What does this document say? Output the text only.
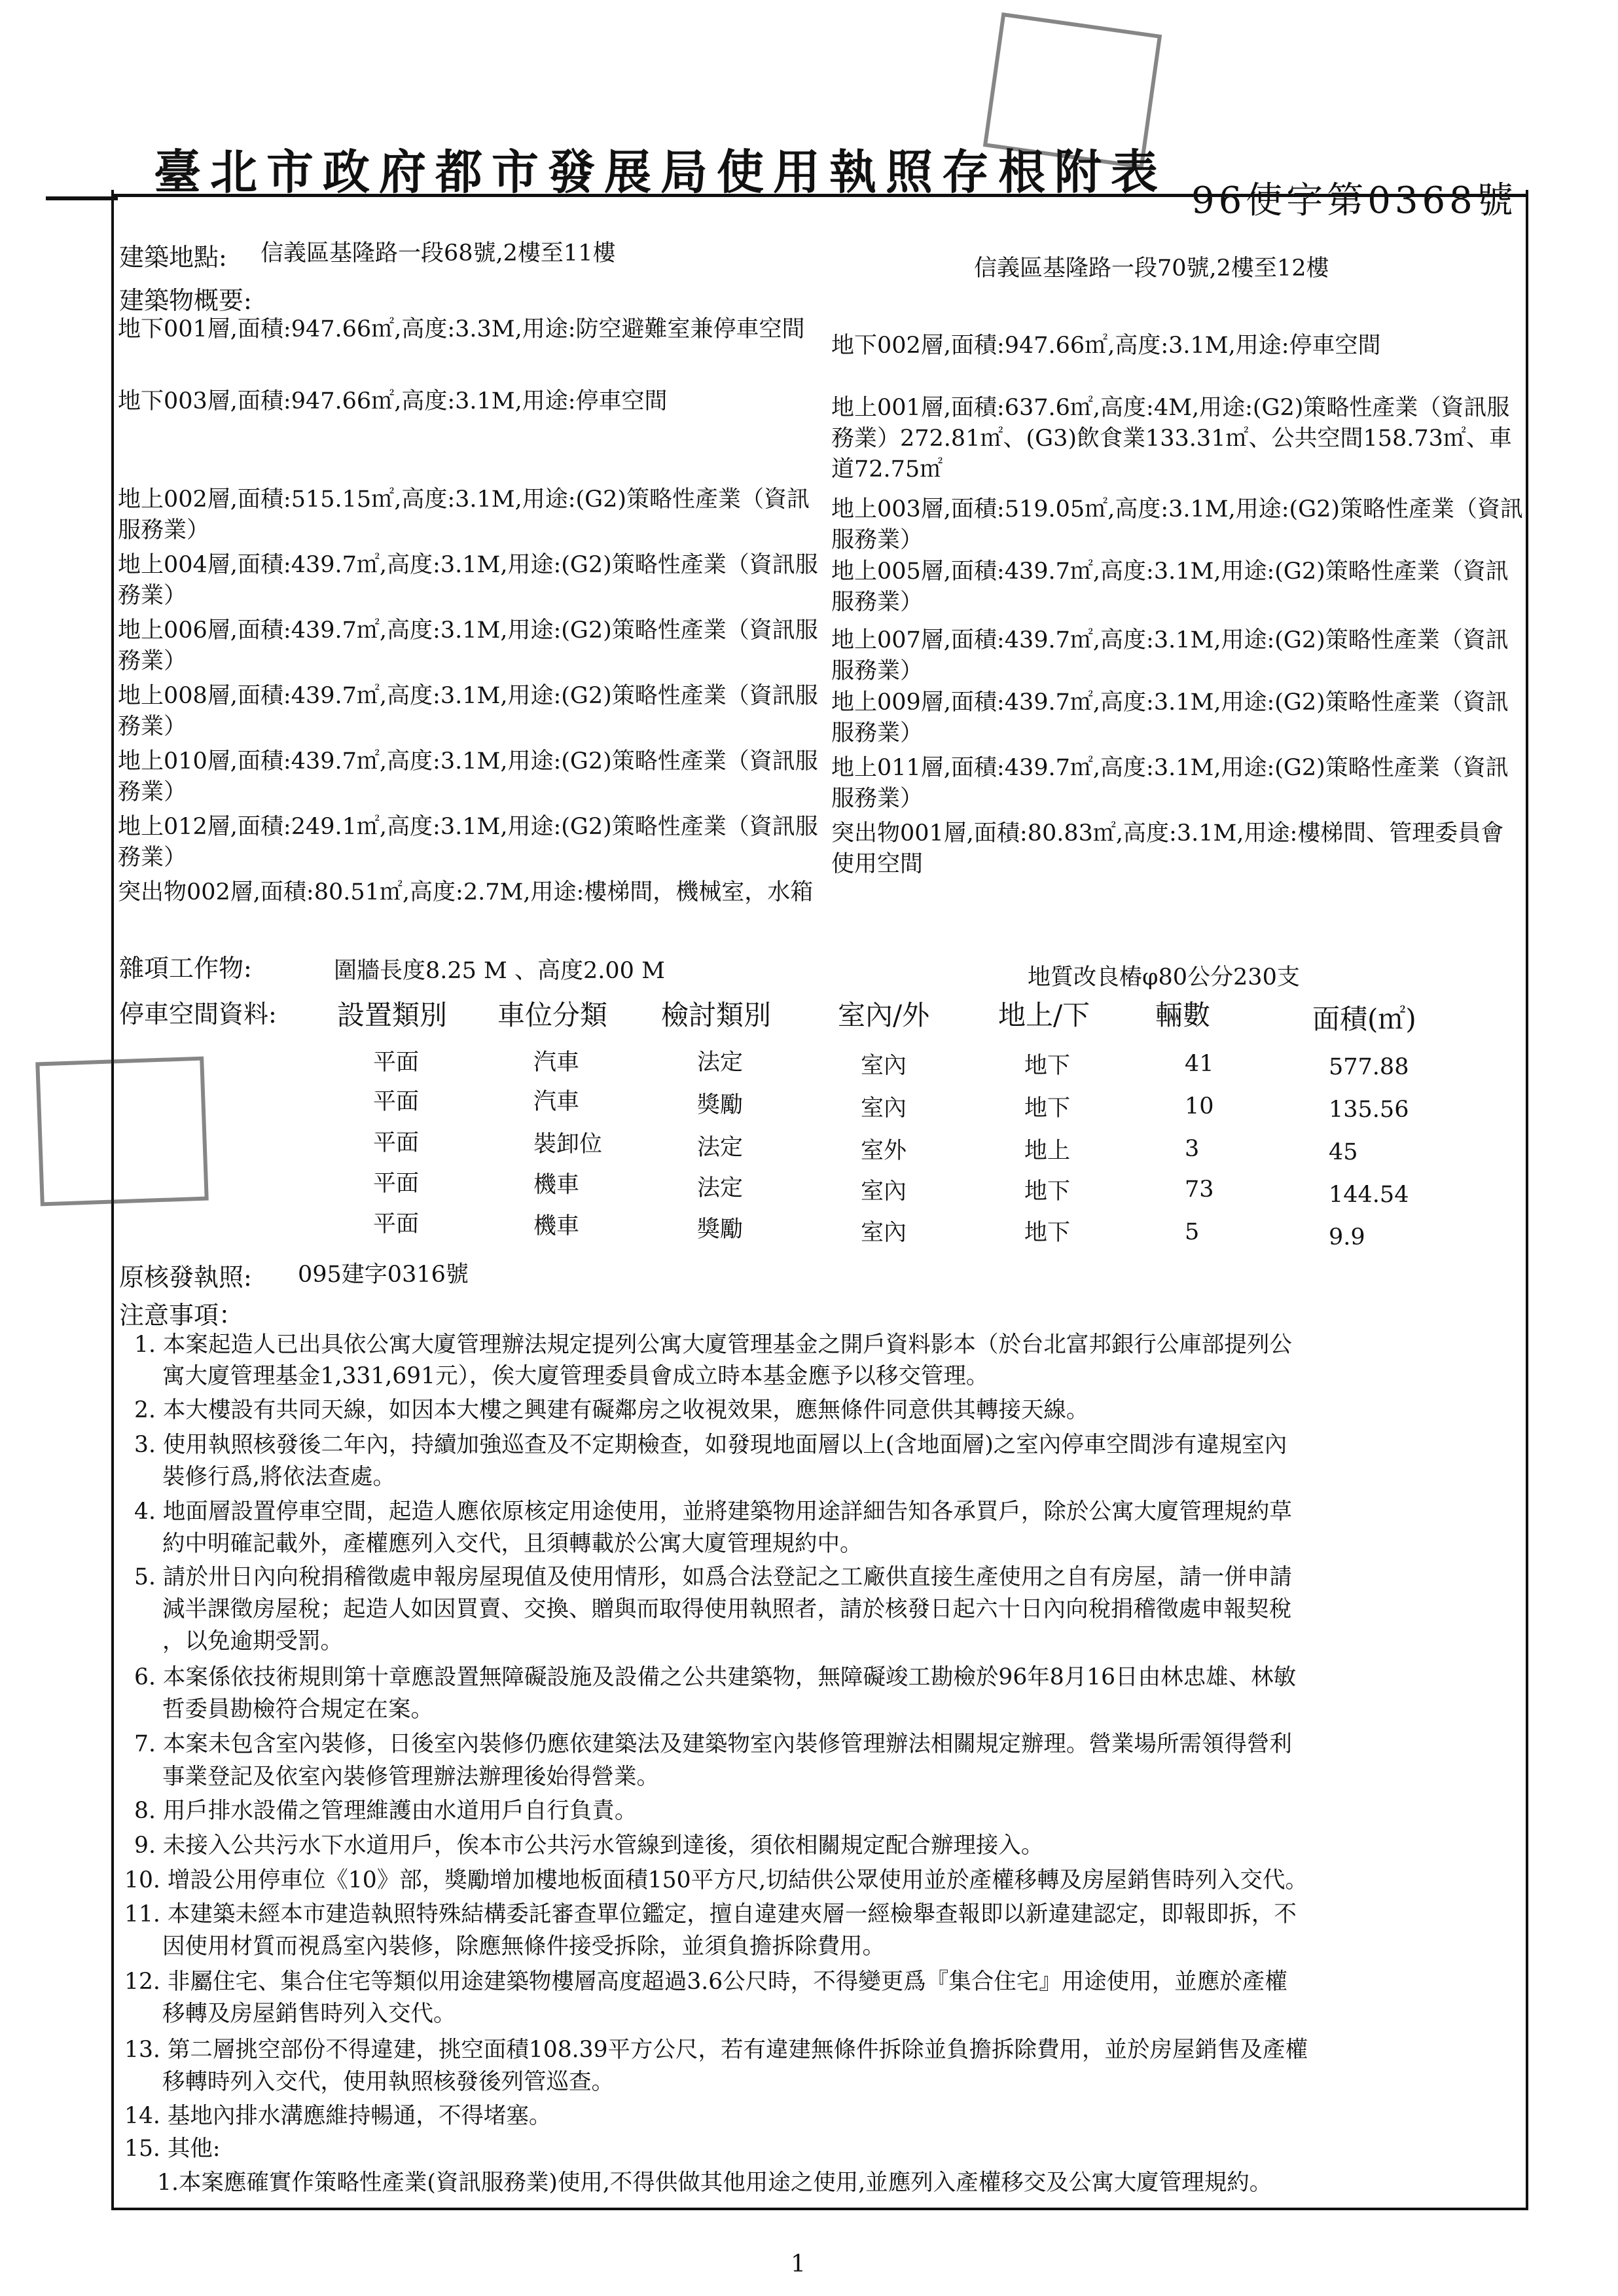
臺北市政府都市發展局使用執照存根附表
96使字第0368號
建築地點: 信義區基隆路一段68號,2樓至11樓
信義區基隆路一段70號,2樓至12樓
建築物概要:
地下001層,面積:947.66㎡,高度:3.3M,用途:防空避難室兼停車空間
地下003層,面積:947.66㎡,高度:3.1M,用途:停車空間
地上002層,面積:515.15㎡,高度:3.1M,用途:(G2)策略性產業（資訊服務業）
地上004層,面積:439.7㎡,高度:3.1M,用途:(G2)策略性產業（資訊服務業）
地上006層,面積:439.7㎡,高度:3.1M,用途:(G2)策略性產業（資訊服務業）
地上008層,面積:439.7㎡,高度:3.1M,用途:(G2)策略性產業（資訊服務業）
地上010層,面積:439.7㎡,高度:3.1M,用途:(G2)策略性產業（資訊服務業）
地上012層,面積:249.1㎡,高度:3.1M,用途:(G2)策略性產業（資訊服務業）
突出物002層,面積:80.51㎡,高度:2.7M,用途:樓梯間，機械室，水箱
地下002層,面積:947.66㎡,高度:3.1M,用途:停車空間
地上001層,面積:637.6㎡,高度:4M,用途:(G2)策略性產業（資訊服務業）272.81㎡、(G3)飲食業133.31㎡、公共空間158.73㎡、車道72.75㎡
地上003層,面積:519.05㎡,高度:3.1M,用途:(G2)策略性產業（資訊服務業）
地上005層,面積:439.7㎡,高度:3.1M,用途:(G2)策略性產業（資訊服務業）
地上007層,面積:439.7㎡,高度:3.1M,用途:(G2)策略性產業（資訊服務業）
地上009層,面積:439.7㎡,高度:3.1M,用途:(G2)策略性產業（資訊服務業）
地上011層,面積:439.7㎡,高度:3.1M,用途:(G2)策略性產業（資訊服務業）
突出物001層,面積:80.83㎡,高度:3.1M,用途:樓梯間、管理委員會使用空間
雜項工作物:	圍牆長度8.25 M 、高度2.00 M	地質改良樁φ80公分230支
停車空間資料: 設置類別 車位分類 檢討類別 室內/外 地上/下 輛數	面積(㎡)
平面	汽車	法定	室內	地下	41	577.88
平面	汽車	獎勵	室內	地下	10	135.56
平面	裝卸位	法定	室外	地上	3	45
平面	機車	法定	室內	地下	73	144.54
平面	機車	獎勵	室內	地下	5	9.9
原核發執照: 095建字0316號
注意事項：
1. 本案起造人已出具依公寓大廈管理辦法規定提列公寓大廈管理基金之開戶資料影本（於台北富邦銀行公庫部提列公
寓大廈管理基金1,331,691元），俟大廈管理委員會成立時本基金應予以移交管理。
2. 本大樓設有共同天線，如因本大樓之興建有礙鄰房之收視效果，應無條件同意供其轉接天線。
3. 使用執照核發後二年內，持續加強巡查及不定期檢查，如發現地面層以上(含地面層)之室內停車空間涉有違規室內
裝修行爲,將依法查處。
4. 地面層設置停車空間，起造人應依原核定用途使用，並將建築物用途詳細告知各承買戶，除於公寓大廈管理規約草
約中明確記載外，產權應列入交代，且須轉載於公寓大廈管理規約中。
5. 請於卅日內向稅捐稽徵處申報房屋現值及使用情形，如爲合法登記之工廠供直接生產使用之自有房屋，請一併申請
減半課徵房屋稅；起造人如因買賣、交換、贈與而取得使用執照者，請於核發日起六十日內向稅捐稽徵處申報契稅
，以免逾期受罰。
6. 本案係依技術規則第十章應設置無障礙設施及設備之公共建築物，無障礙竣工勘檢於96年8月16日由林忠雄、林敏
哲委員勘檢符合規定在案。
7. 本案未包含室內裝修，日後室內裝修仍應依建築法及建築物室內裝修管理辦法相關規定辦理。營業場所需領得營利
事業登記及依室內裝修管理辦法辦理後始得營業。
8. 用戶排水設備之管理維護由水道用戶自行負責。
9. 未接入公共污水下水道用戶，俟本市公共污水管線到達後，須依相關規定配合辦理接入。
10. 增設公用停車位《10》部，獎勵增加樓地板面積150平方尺,切結供公眾使用並於產權移轉及房屋銷售時列入交代。
11. 本建築未經本市建造執照特殊結構委託審查單位鑑定，擅自違建夾層一經檢舉查報即以新違建認定，即報即拆，不
因使用材質而視爲室內裝修，除應無條件接受拆除，並須負擔拆除費用。
12. 非屬住宅、集合住宅等類似用途建築物樓層高度超過3.6公尺時，不得變更爲『集合住宅』用途使用，並應於產權
移轉及房屋銷售時列入交代。
13. 第二層挑空部份不得違建，挑空面積108.39平方公尺，若有違建無條件拆除並負擔拆除費用，並於房屋銷售及產權
移轉時列入交代，使用執照核發後列管巡查。
14. 基地內排水溝應維持暢通，不得堵塞。
15. 其他:
1.本案應確實作策略性產業(資訊服務業)使用,不得供做其他用途之使用,並應列入產權移交及公寓大廈管理規約。
1
